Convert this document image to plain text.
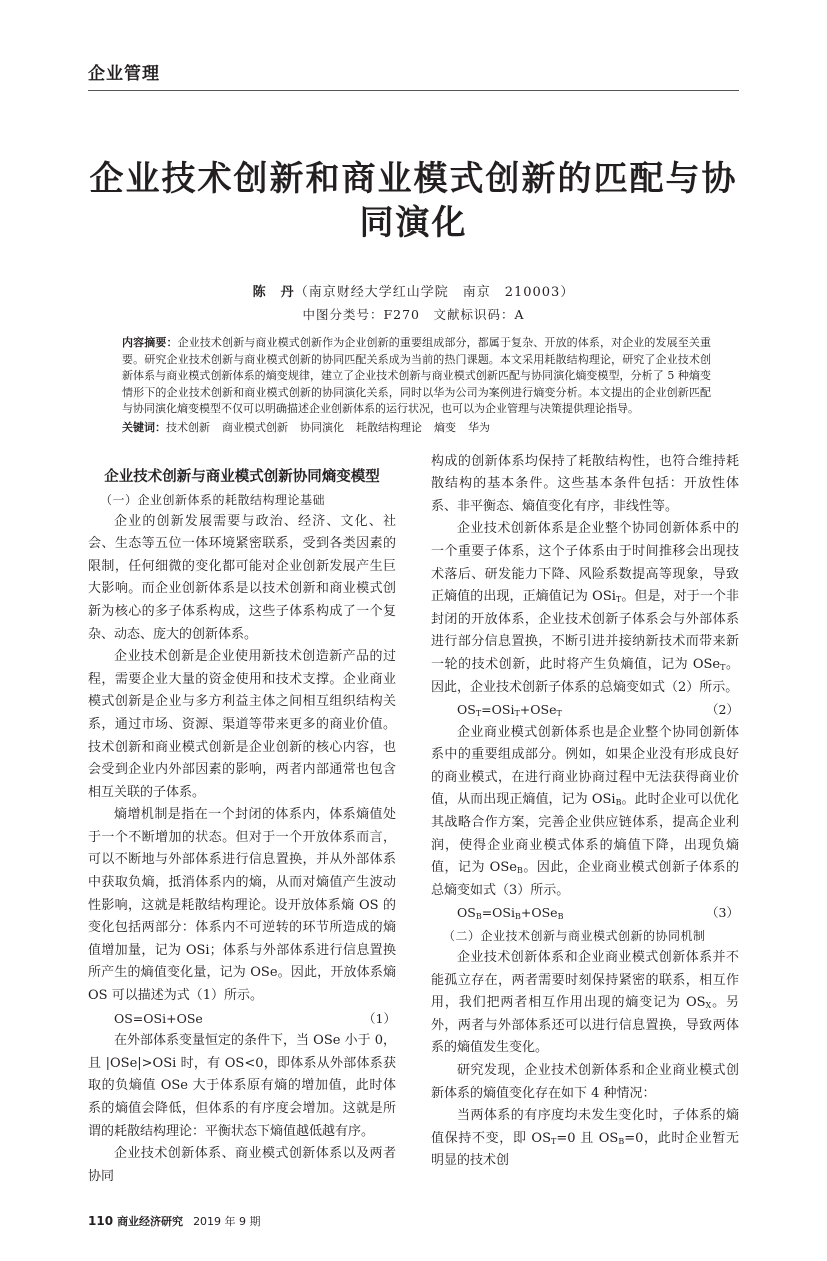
企业管理
企业技术创新和商业模式创新的匹配与协同演化
陈　丹（南京财经大学红山学院　南京　210003）
中图分类号：F270　文献标识码：A
内容摘要：企业技术创新与商业模式创新作为企业创新的重要组成部分，都属于复杂、开放的体系，对企业的发展至关重要。研究企业技术创新与商业模式创新的协同匹配关系成为当前的热门课题。本文采用耗散结构理论，研究了企业技术创新体系与商业模式创新体系的熵变规律，建立了企业技术创新与商业模式创新匹配与协同演化熵变模型，分析了 5 种熵变情形下的企业技术创新和商业模式创新的协同演化关系，同时以华为公司为案例进行熵变分析。本文提出的企业创新匹配与协同演化熵变模型不仅可以明确描述企业创新体系的运行状况，也可以为企业管理与决策提供理论指导。
关键词：技术创新 商业模式创新 协同演化 耗散结构理论 熵变 华为
企业技术创新与商业模式创新协同熵变模型
（一）企业创新体系的耗散结构理论基础

企业的创新发展需要与政治、经济、文化、社会、生态等五位一体环境紧密联系，受到各类因素的限制，任何细微的变化都可能对企业创新发展产生巨大影响。而企业创新体系是以技术创新和商业模式创新为核心的多子体系构成，这些子体系构成了一个复杂、动态、庞大的创新体系。

企业技术创新是企业使用新技术创造新产品的过程，需要企业大量的资金使用和技术支撑。企业商业模式创新是企业与多方利益主体之间相互组织结构关系，通过市场、资源、渠道等带来更多的商业价值。技术创新和商业模式创新是企业创新的核心内容，也会受到企业内外部因素的影响，两者内部通常也包含相互关联的子体系。

熵增机制是指在一个封闭的体系内，体系熵值处于一个不断增加的状态。但对于一个开放体系而言，可以不断地与外部体系进行信息置换，并从外部体系中获取负熵，抵消体系内的熵，从而对熵值产生波动性影响，这就是耗散结构理论。设开放体系熵 OS 的变化包括两部分：体系内不可逆转的环节所造成的熵值增加量，记为 OSi；体系与外部体系进行信息置换所产生的熵值变化量，记为 OSe。因此，开放体系熵 OS 可以描述为式（1）所示。

OS=OSi+OSe	（1）

在外部体系变量恒定的条件下，当 OSe 小于 0，且 |OSe|>OSi 时，有 OS<0，即体系从外部体系获取的负熵值 OSe 大于体系原有熵的增加值，此时体系的熵值会降低，但体系的有序度会增加。这就是所谓的耗散结构理论：平衡状态下熵值越低越有序。

企业技术创新体系、商业模式创新体系以及两者协同

构成的创新体系均保持了耗散结构性，也符合维持耗散结构的基本条件。这些基本条件包括：开放性体系、非平衡态、熵值变化有序，非线性等。

企业技术创新体系是企业整个协同创新体系中的一个重要子体系，这个子体系由于时间推移会出现技术落后、研发能力下降、风险系数提高等现象，导致正熵值的出现，正熵值记为 OSi$_T$。但是，对于一个非封闭的开放体系，企业技术创新子体系会与外部体系进行部分信息置换，不断引进并接纳新技术而带来新一轮的技术创新，此时将产生负熵值，记为 OSe$_T$。因此，企业技术创新子体系的总熵变如式（2）所示。

$OS_T=OSi_T+OSe_T$	（2）

企业商业模式创新体系也是企业整个协同创新体系中的重要组成部分。例如，如果企业没有形成良好的商业模式，在进行商业协商过程中无法获得商业价值，从而出现正熵值，记为 OSi$_B$。此时企业可以优化其战略合作方案，完善企业供应链体系，提高企业利润，使得企业商业模式体系的熵值下降，出现负熵值，记为 OSe$_B$。因此，企业商业模式创新子体系的总熵变如式（3）所示。

$OS_B=OSi_B+OSe_B$	（3）
（二）企业技术创新与商业模式创新的协同机制

企业技术创新体系和企业商业模式创新体系并不能孤立存在，两者需要时刻保持紧密的联系，相互作用，我们把两者相互作用出现的熵变记为 $OS_X$。另外，两者与外部体系还可以进行信息置换，导致两体系的熵值发生变化。

研究发现，企业技术创新体系和企业商业模式创新体系的熵值变化存在如下 4 种情况：

当两体系的有序度均未发生变化时，子体系的熵值保持不变，即 $OS_T=0$ 且 $OS_B=0$，此时企业暂无明显的技术创

110 商业经济研究 2019 年 9 期
